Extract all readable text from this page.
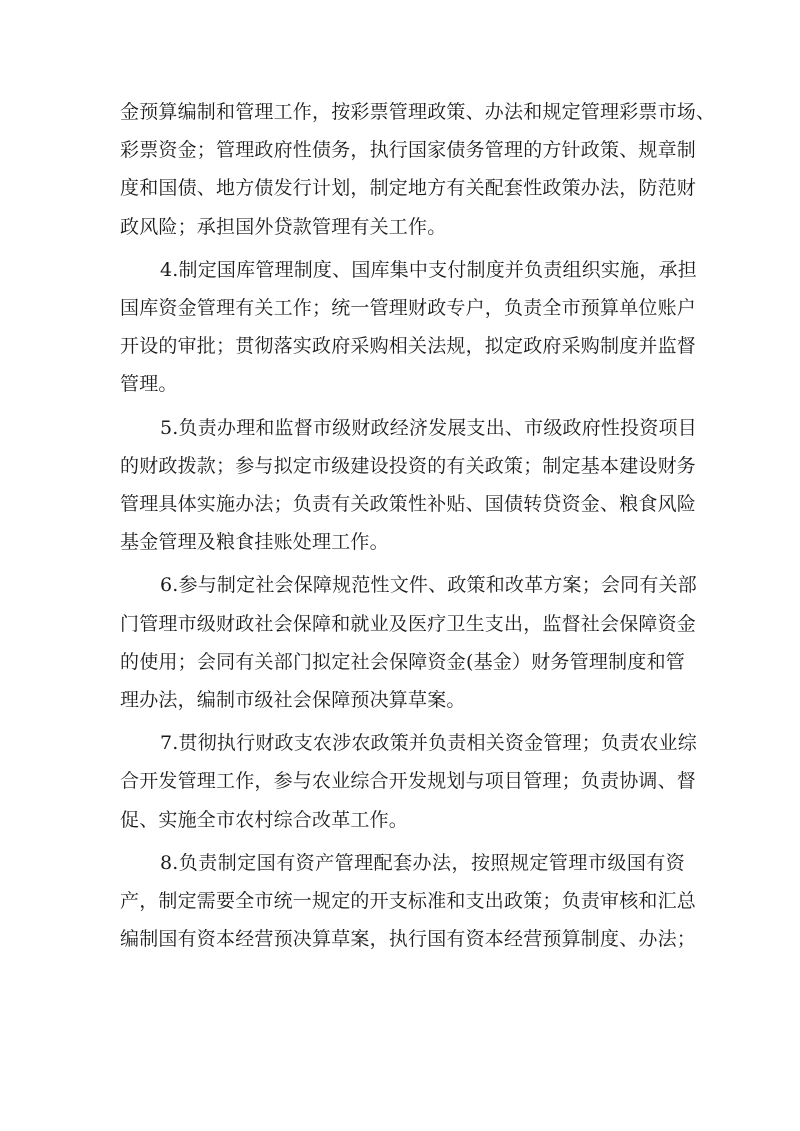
金预算编制和管理工作，按彩票管理政策、办法和规定管理彩票市场、
彩票资金；管理政府性债务，执行国家债务管理的方针政策、规章制
度和国债、地方债发行计划，制定地方有关配套性政策办法，防范财
政风险；承担国外贷款管理有关工作。

4.制定国库管理制度、国库集中支付制度并负责组织实施，承担
国库资金管理有关工作；统一管理财政专户，负责全市预算单位账户
开设的审批；贯彻落实政府采购相关法规，拟定政府采购制度并监督
管理。

5.负责办理和监督市级财政经济发展支出、市级政府性投资项目
的财政拨款；参与拟定市级建设投资的有关政策；制定基本建设财务
管理具体实施办法；负责有关政策性补贴、国债转贷资金、粮食风险
基金管理及粮食挂账处理工作。

6.参与制定社会保障规范性文件、政策和改革方案；会同有关部
门管理市级财政社会保障和就业及医疗卫生支出，监督社会保障资金
的使用；会同有关部门拟定社会保障资金(基金）财务管理制度和管
理办法，编制市级社会保障预决算草案。

7.贯彻执行财政支农涉农政策并负责相关资金管理；负责农业综
合开发管理工作，参与农业综合开发规划与项目管理；负责协调、督
促、实施全市农村综合改革工作。

8.负责制定国有资产管理配套办法，按照规定管理市级国有资
产，制定需要全市统一规定的开支标准和支出政策；负责审核和汇总
编制国有资本经营预决算草案，执行国有资本经营预算制度、办法；
